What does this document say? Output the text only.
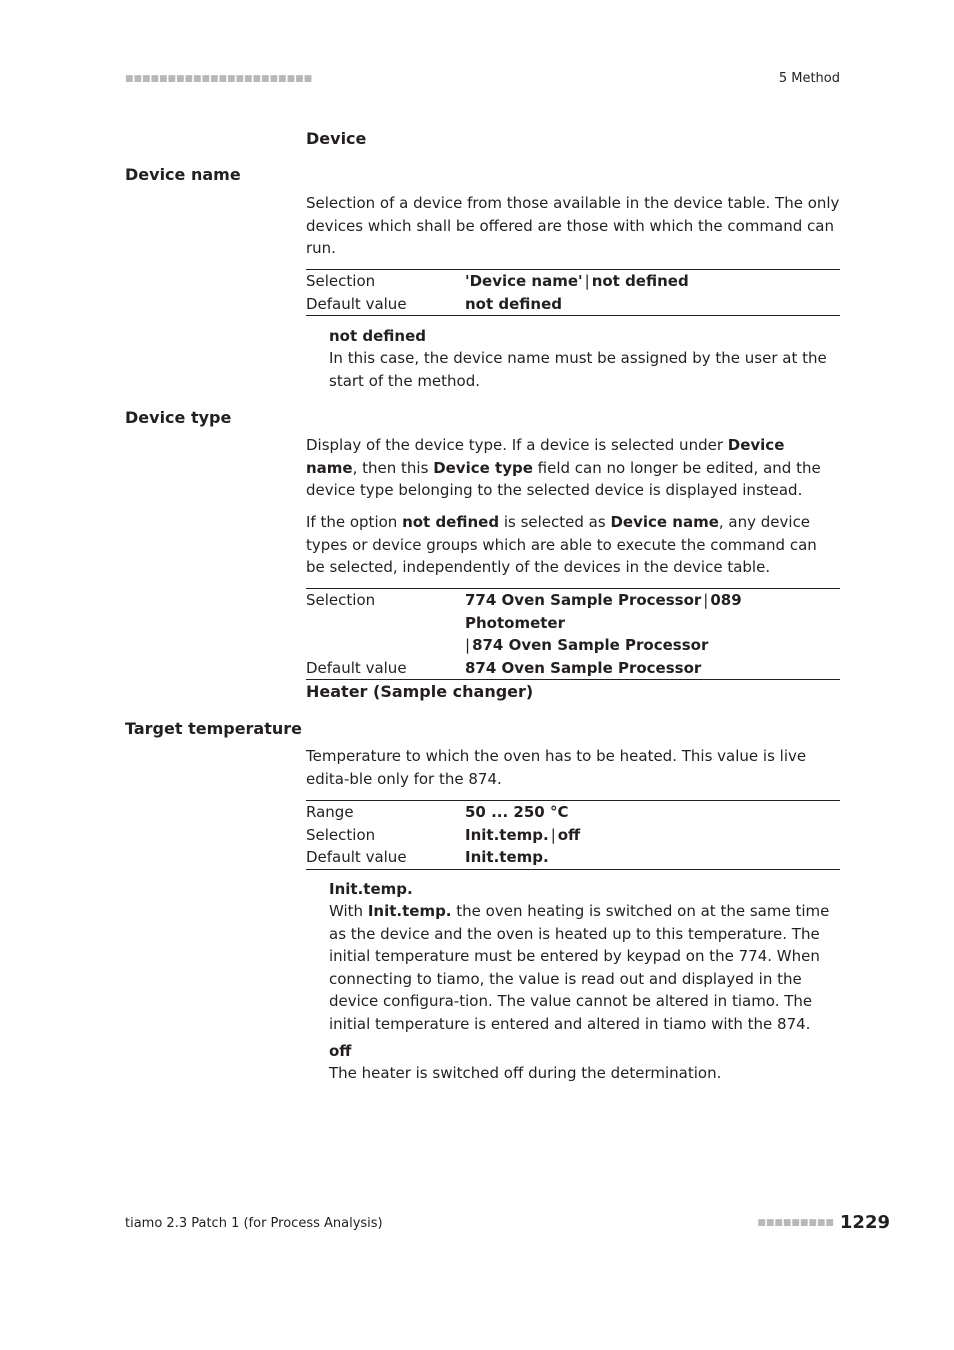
■■■■■■■■■■■■■■■■■■■■■■	5 Method
Device
Device name
Selection of a device from those available in the device table. The only devices which shall be offered are those with which the command can run.
Selection	'Device name' | not defined
Default value	not defined
not defined
In this case, the device name must be assigned by the user at the start of the method.
Device type
Display of the device type. If a device is selected under Device name, then this Device type field can no longer be edited, and the device type belonging to the selected device is displayed instead.
If the option not defined is selected as Device name, any device types or device groups which are able to execute the command can be selected, independently of the devices in the device table.
Selection	774 Oven Sample Processor | 089 Photometer
| 874 Oven Sample Processor
Default value	874 Oven Sample Processor
Heater (Sample changer)
Target temperature
Temperature to which the oven has to be heated. This value is live edita-ble only for the 874.
Range	50 ... 250 °C
Selection	Init.temp. | off
Default value	Init.temp.
Init.temp.
With Init.temp. the oven heating is switched on at the same time as the device and the oven is heated up to this temperature. The initial temperature must be entered by keypad on the 774. When connecting to tiamo, the value is read out and displayed in the device configura-tion. The value cannot be altered in tiamo. The initial temperature is entered and altered in tiamo with the 874.
off
The heater is switched off during the determination.
tiamo 2.3 Patch 1 (for Process Analysis)	■■■■■■■■■ 1229
